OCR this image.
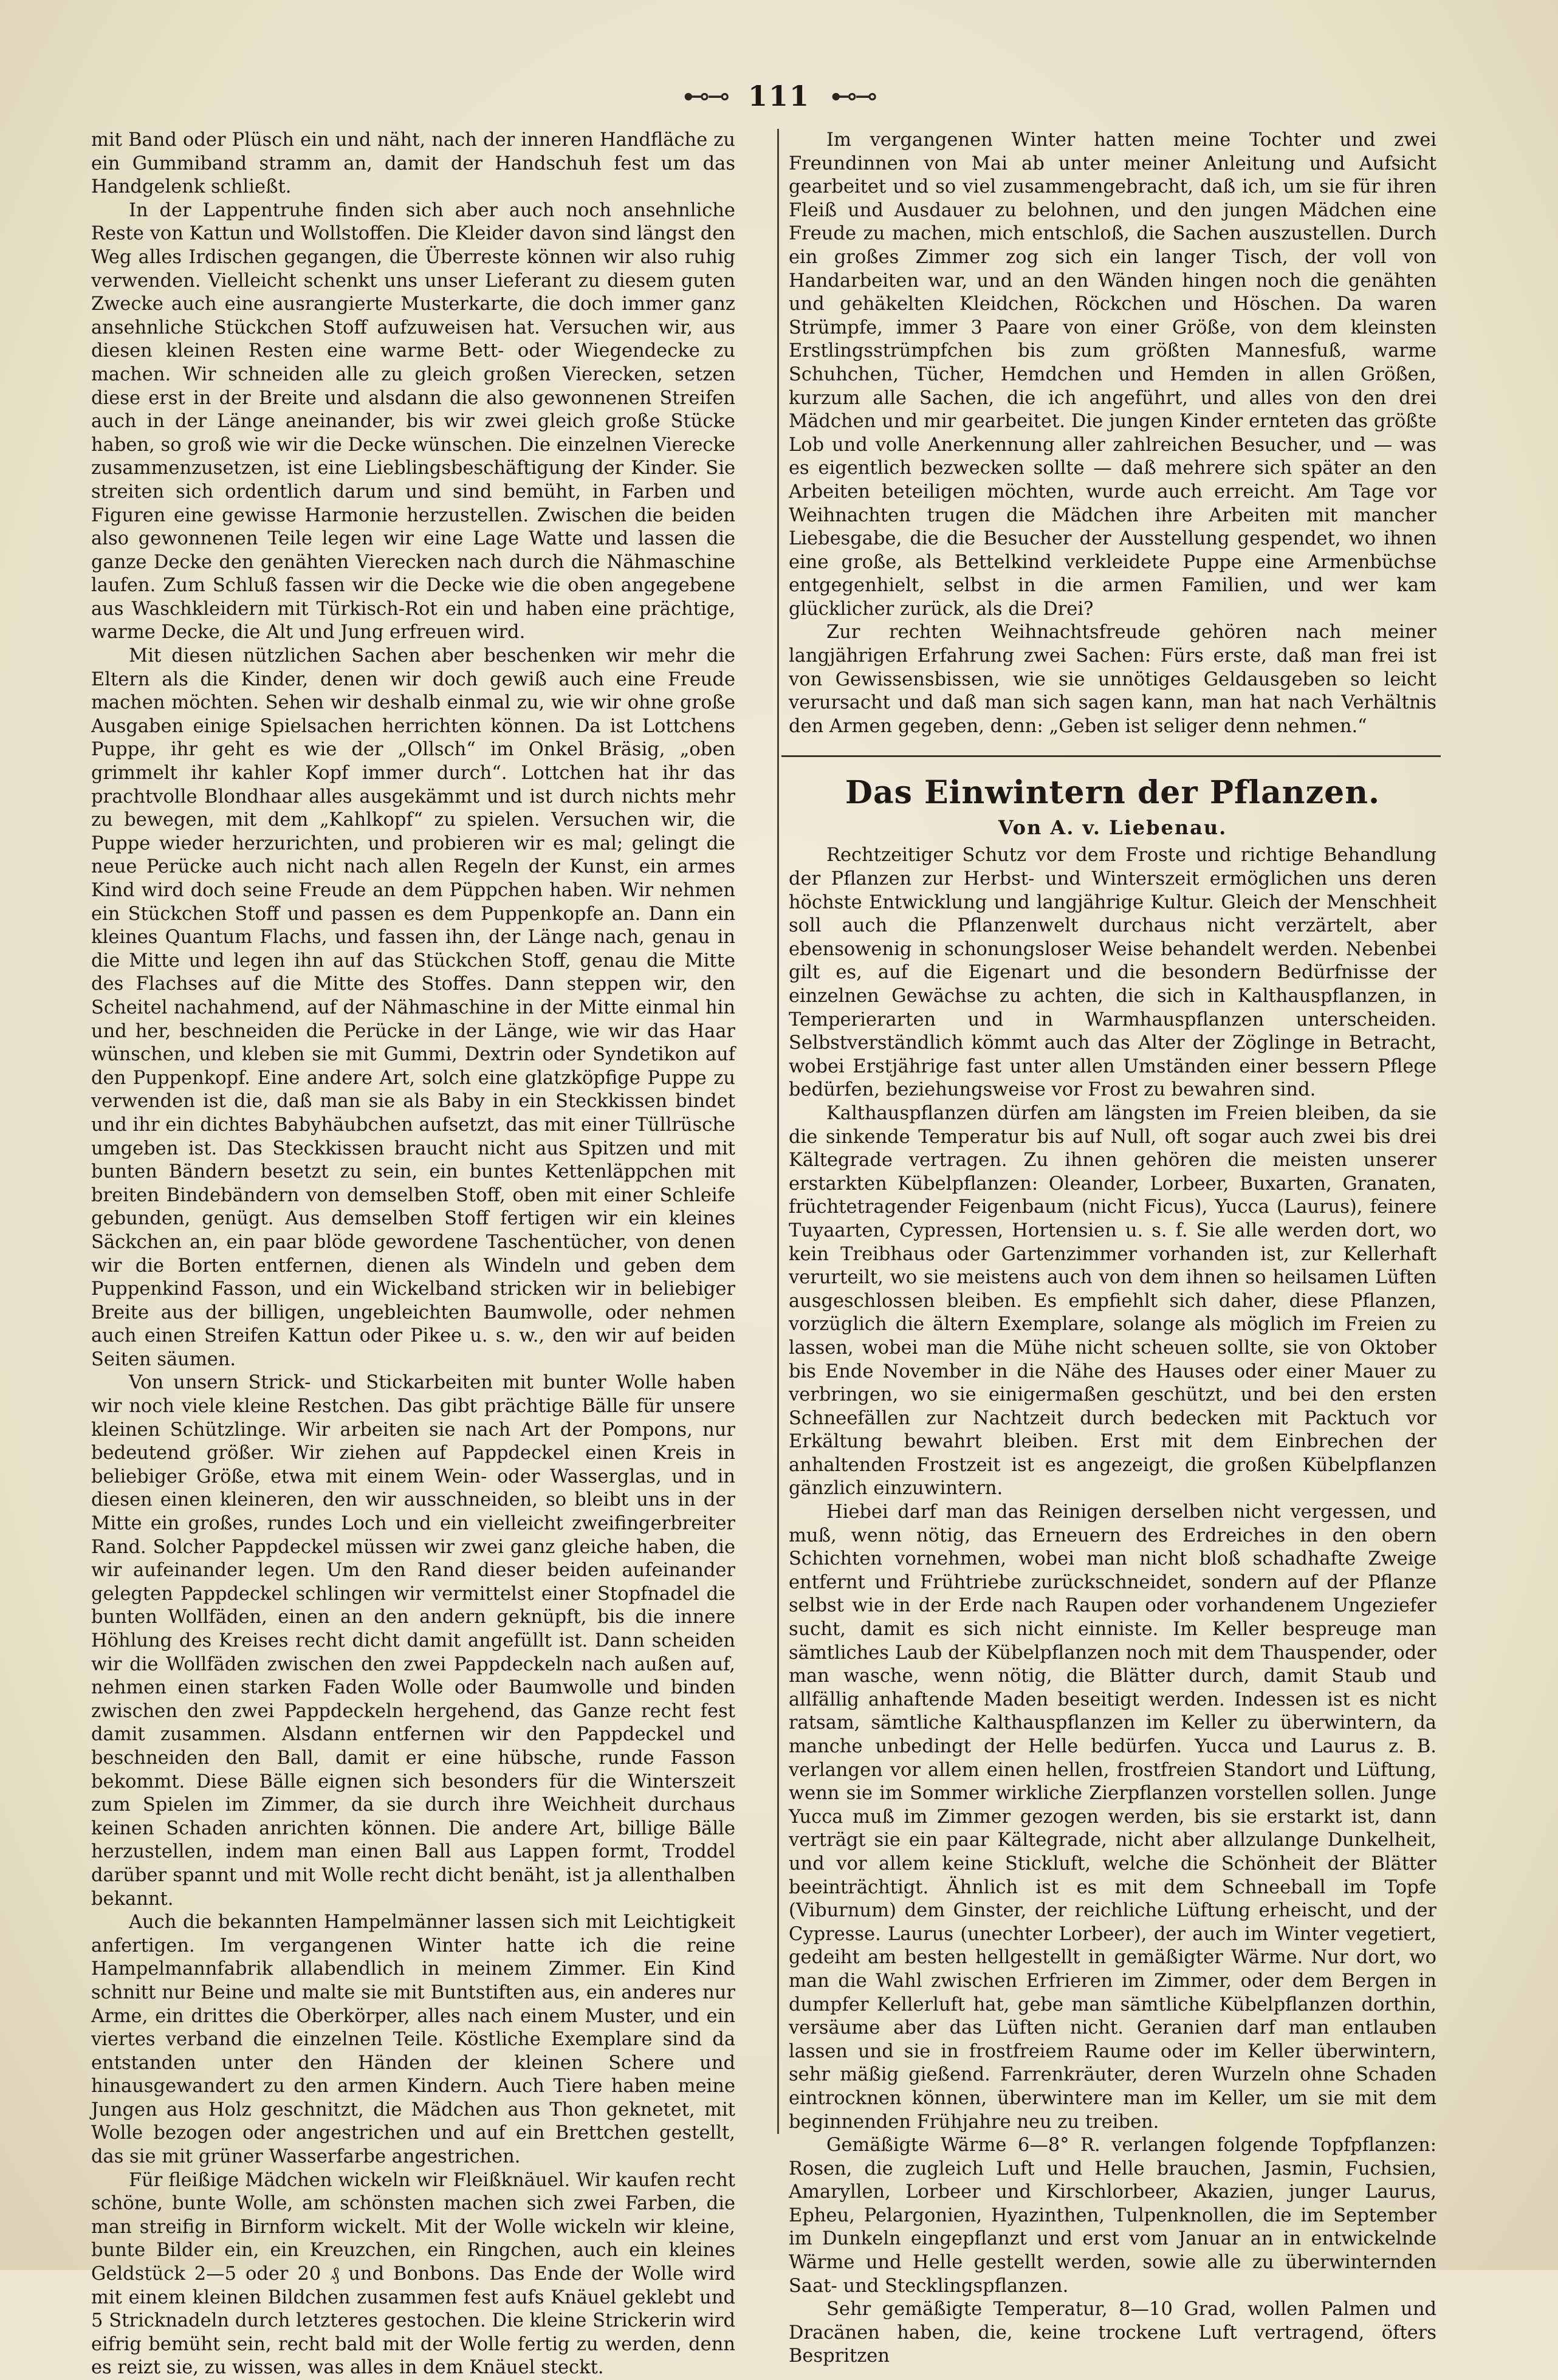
⊷⊸ 111 ⊷⊸

mit Band oder Plüsch ein und näht, nach der inneren Handfläche zu ein Gummiband stramm an, damit der Handschuh fest um das Handgelenk schließt.

In der Lappentruhe finden sich aber auch noch ansehnliche Reste von Kattun und Wollstoffen. Die Kleider davon sind längst den Weg alles Irdischen gegangen, die Überreste können wir also ruhig verwenden. Vielleicht schenkt uns unser Lieferant zu diesem guten Zwecke auch eine ausrangierte Musterkarte, die doch immer ganz ansehnliche Stückchen Stoff aufzuweisen hat. Versuchen wir, aus diesen kleinen Resten eine warme Bett- oder Wiegendecke zu machen. Wir schneiden alle zu gleich großen Vierecken, setzen diese erst in der Breite und alsdann die also gewonnenen Streifen auch in der Länge aneinander, bis wir zwei gleich große Stücke haben, so groß wie wir die Decke wünschen. Die einzelnen Vierecke zusammenzusetzen, ist eine Lieblingsbeschäftigung der Kinder. Sie streiten sich ordentlich darum und sind bemüht, in Farben und Figuren eine gewisse Harmonie herzustellen. Zwischen die beiden also gewonnenen Teile legen wir eine Lage Watte und lassen die ganze Decke den genähten Vierecken nach durch die Nähmaschine laufen. Zum Schluß fassen wir die Decke wie die oben angegebene aus Waschkleidern mit Türkisch-Rot ein und haben eine prächtige, warme Decke, die Alt und Jung erfreuen wird.

Mit diesen nützlichen Sachen aber beschenken wir mehr die Eltern als die Kinder, denen wir doch gewiß auch eine Freude machen möchten. Sehen wir deshalb einmal zu, wie wir ohne große Ausgaben einige Spielsachen herrichten können. Da ist Lottchens Puppe, ihr geht es wie der „Ollsch“ im Onkel Bräsig, „oben grimmelt ihr kahler Kopf immer durch“. Lottchen hat ihr das prachtvolle Blondhaar alles ausgekämmt und ist durch nichts mehr zu bewegen, mit dem „Kahlkopf“ zu spielen. Versuchen wir, die Puppe wieder herzurichten, und probieren wir es mal; gelingt die neue Perücke auch nicht nach allen Regeln der Kunst, ein armes Kind wird doch seine Freude an dem Püppchen haben. Wir nehmen ein Stückchen Stoff und passen es dem Puppenkopfe an. Dann ein kleines Quantum Flachs, und fassen ihn, der Länge nach, genau in die Mitte und legen ihn auf das Stückchen Stoff, genau die Mitte des Flachses auf die Mitte des Stoffes. Dann steppen wir, den Scheitel nachahmend, auf der Nähmaschine in der Mitte einmal hin und her, beschneiden die Perücke in der Länge, wie wir das Haar wünschen, und kleben sie mit Gummi, Dextrin oder Syndetikon auf den Puppenkopf. Eine andere Art, solch eine glatzköpfige Puppe zu verwenden ist die, daß man sie als Baby in ein Steckkissen bindet und ihr ein dichtes Babyhäubchen aufsetzt, das mit einer Tüllrüsche umgeben ist. Das Steckkissen braucht nicht aus Spitzen und mit bunten Bändern besetzt zu sein, ein buntes Kettenläppchen mit breiten Bindebändern von demselben Stoff, oben mit einer Schleife gebunden, genügt. Aus demselben Stoff fertigen wir ein kleines Säckchen an, ein paar blöde gewordene Taschentücher, von denen wir die Borten entfernen, dienen als Windeln und geben dem Puppenkind Fasson, und ein Wickelband stricken wir in beliebiger Breite aus der billigen, ungebleichten Baumwolle, oder nehmen auch einen Streifen Kattun oder Pikee u. s. w., den wir auf beiden Seiten säumen.

Von unsern Strick- und Stickarbeiten mit bunter Wolle haben wir noch viele kleine Restchen. Das gibt prächtige Bälle für unsere kleinen Schützlinge. Wir arbeiten sie nach Art der Pompons, nur bedeutend größer. Wir ziehen auf Pappdeckel einen Kreis in beliebiger Größe, etwa mit einem Wein- oder Wasserglas, und in diesen einen kleineren, den wir ausschneiden, so bleibt uns in der Mitte ein großes, rundes Loch und ein vielleicht zweifingerbreiter Rand. Solcher Pappdeckel müssen wir zwei ganz gleiche haben, die wir aufeinander legen. Um den Rand dieser beiden aufeinander gelegten Pappdeckel schlingen wir vermittelst einer Stopfnadel die bunten Wollfäden, einen an den andern geknüpft, bis die innere Höhlung des Kreises recht dicht damit angefüllt ist. Dann scheiden wir die Wollfäden zwischen den zwei Pappdeckeln nach außen auf, nehmen einen starken Faden Wolle oder Baumwolle und binden zwischen den zwei Pappdeckeln hergehend, das Ganze recht fest damit zusammen. Alsdann entfernen wir den Pappdeckel und beschneiden den Ball, damit er eine hübsche, runde Fasson bekommt. Diese Bälle eignen sich besonders für die Winterszeit zum Spielen im Zimmer, da sie durch ihre Weichheit durchaus keinen Schaden anrichten können. Die andere Art, billige Bälle herzustellen, indem man einen Ball aus Lappen formt, Troddel darüber spannt und mit Wolle recht dicht benäht, ist ja allenthalben bekannt.

Auch die bekannten Hampelmänner lassen sich mit Leichtigkeit anfertigen. Im vergangenen Winter hatte ich die reine Hampelmannfabrik allabendlich in meinem Zimmer. Ein Kind schnitt nur Beine und malte sie mit Buntstiften aus, ein anderes nur Arme, ein drittes die Oberkörper, alles nach einem Muster, und ein viertes verband die einzelnen Teile. Köstliche Exemplare sind da entstanden unter den Händen der kleinen Schere und hinausgewandert zu den armen Kindern. Auch Tiere haben meine Jungen aus Holz geschnitzt, die Mädchen aus Thon geknetet, mit Wolle bezogen oder angestrichen und auf ein Brettchen gestellt, das sie mit grüner Wasserfarbe angestrichen.

Für fleißige Mädchen wickeln wir Fleißknäuel. Wir kaufen recht schöne, bunte Wolle, am schönsten machen sich zwei Farben, die man streifig in Birnform wickelt. Mit der Wolle wickeln wir kleine, bunte Bilder ein, ein Kreuzchen, ein Ringchen, auch ein kleines Geldstück 2—5 oder 20 ₰ und Bonbons. Das Ende der Wolle wird mit einem kleinen Bildchen zusammen fest aufs Knäuel geklebt und 5 Stricknadeln durch letzteres gestochen. Die kleine Strickerin wird eifrig bemüht sein, recht bald mit der Wolle fertig zu werden, denn es reizt sie, zu wissen, was alles in dem Knäuel steckt.

Im vergangenen Winter hatten meine Tochter und zwei Freundinnen von Mai ab unter meiner Anleitung und Aufsicht gearbeitet und so viel zusammengebracht, daß ich, um sie für ihren Fleiß und Ausdauer zu belohnen, und den jungen Mädchen eine Freude zu machen, mich entschloß, die Sachen auszustellen. Durch ein großes Zimmer zog sich ein langer Tisch, der voll von Handarbeiten war, und an den Wänden hingen noch die genähten und gehäkelten Kleidchen, Röckchen und Höschen. Da waren Strümpfe, immer 3 Paare von einer Größe, von dem kleinsten Erstlingsstrümpfchen bis zum größten Mannesfuß, warme Schuhchen, Tücher, Hemdchen und Hemden in allen Größen, kurzum alle Sachen, die ich angeführt, und alles von den drei Mädchen und mir gearbeitet. Die jungen Kinder ernteten das größte Lob und volle Anerkennung aller zahlreichen Besucher, und — was es eigentlich bezwecken sollte — daß mehrere sich später an den Arbeiten beteiligen möchten, wurde auch erreicht. Am Tage vor Weihnachten trugen die Mädchen ihre Arbeiten mit mancher Liebesgabe, die die Besucher der Ausstellung gespendet, wo ihnen eine große, als Bettelkind verkleidete Puppe eine Armenbüchse entgegenhielt, selbst in die armen Familien, und wer kam glücklicher zurück, als die Drei?

Zur rechten Weihnachtsfreude gehören nach meiner langjährigen Erfahrung zwei Sachen: Fürs erste, daß man frei ist von Gewissensbissen, wie sie unnötiges Geldausgeben so leicht verursacht und daß man sich sagen kann, man hat nach Verhältnis den Armen gegeben, denn: „Geben ist seliger denn nehmen.“

Das Einwintern der Pflanzen.
Von A. v. Liebenau.

Rechtzeitiger Schutz vor dem Froste und richtige Behandlung der Pflanzen zur Herbst- und Winterszeit ermöglichen uns deren höchste Entwicklung und langjährige Kultur. Gleich der Menschheit soll auch die Pflanzenwelt durchaus nicht verzärtelt, aber ebensowenig in schonungsloser Weise behandelt werden. Nebenbei gilt es, auf die Eigenart und die besondern Bedürfnisse der einzelnen Gewächse zu achten, die sich in Kalthauspflanzen, in Temperierarten und in Warmhauspflanzen unterscheiden. Selbstverständlich kömmt auch das Alter der Zöglinge in Betracht, wobei Erstjährige fast unter allen Umständen einer bessern Pflege bedürfen, beziehungsweise vor Frost zu bewahren sind.

Kalthauspflanzen dürfen am längsten im Freien bleiben, da sie die sinkende Temperatur bis auf Null, oft sogar auch zwei bis drei Kältegrade vertragen. Zu ihnen gehören die meisten unserer erstarkten Kübelpflanzen: Oleander, Lorbeer, Buxarten, Granaten, früchtetragender Feigenbaum (nicht Ficus), Yucca (Laurus), feinere Tuyaarten, Cypressen, Hortensien u. s. f. Sie alle werden dort, wo kein Treibhaus oder Gartenzimmer vorhanden ist, zur Kellerhaft verurteilt, wo sie meistens auch von dem ihnen so heilsamen Lüften ausgeschlossen bleiben. Es empfiehlt sich daher, diese Pflanzen, vorzüglich die ältern Exemplare, solange als möglich im Freien zu lassen, wobei man die Mühe nicht scheuen sollte, sie von Oktober bis Ende November in die Nähe des Hauses oder einer Mauer zu verbringen, wo sie einigermaßen geschützt, und bei den ersten Schneefällen zur Nachtzeit durch bedecken mit Packtuch vor Erkältung bewahrt bleiben. Erst mit dem Einbrechen der anhaltenden Frostzeit ist es angezeigt, die großen Kübelpflanzen gänzlich einzuwintern.

Hiebei darf man das Reinigen derselben nicht vergessen, und muß, wenn nötig, das Erneuern des Erdreiches in den obern Schichten vornehmen, wobei man nicht bloß schadhafte Zweige entfernt und Frühtriebe zurückschneidet, sondern auf der Pflanze selbst wie in der Erde nach Raupen oder vorhandenem Ungeziefer sucht, damit es sich nicht einniste. Im Keller bespreuge man sämtliches Laub der Kübelpflanzen noch mit dem Thauspender, oder man wasche, wenn nötig, die Blätter durch, damit Staub und allfällig anhaftende Maden beseitigt werden. Indessen ist es nicht ratsam, sämtliche Kalthauspflanzen im Keller zu überwintern, da manche unbedingt der Helle bedürfen. Yucca und Laurus z. B. verlangen vor allem einen hellen, frostfreien Standort und Lüftung, wenn sie im Sommer wirkliche Zierpflanzen vorstellen sollen. Junge Yucca muß im Zimmer gezogen werden, bis sie erstarkt ist, dann verträgt sie ein paar Kältegrade, nicht aber allzulange Dunkelheit, und vor allem keine Stickluft, welche die Schönheit der Blätter beeinträchtigt. Ähnlich ist es mit dem Schneeball im Topfe (Viburnum) dem Ginster, der reichliche Lüftung erheischt, und der Cypresse. Laurus (unechter Lorbeer), der auch im Winter vegetiert, gedeiht am besten hellgestellt in gemäßigter Wärme. Nur dort, wo man die Wahl zwischen Erfrieren im Zimmer, oder dem Bergen in dumpfer Kellerluft hat, gebe man sämtliche Kübelpflanzen dorthin, versäume aber das Lüften nicht. Geranien darf man entlauben lassen und sie in frostfreiem Raume oder im Keller überwintern, sehr mäßig gießend. Farrenkräuter, deren Wurzeln ohne Schaden eintrocknen können, überwintere man im Keller, um sie mit dem beginnenden Frühjahre neu zu treiben.

Gemäßigte Wärme 6—8° R. verlangen folgende Topfpflanzen: Rosen, die zugleich Luft und Helle brauchen, Jasmin, Fuchsien, Amaryllen, Lorbeer und Kirschlorbeer, Akazien, junger Laurus, Epheu, Pelargonien, Hyazinthen, Tulpenknollen, die im September im Dunkeln eingepflanzt und erst vom Januar an in entwickelnde Wärme und Helle gestellt werden, sowie alle zu überwinternden Saat- und Stecklingspflanzen.

Sehr gemäßigte Temperatur, 8—10 Grad, wollen Palmen und Dracänen haben, die, keine trockene Luft vertragend, öfters Bespritzen
